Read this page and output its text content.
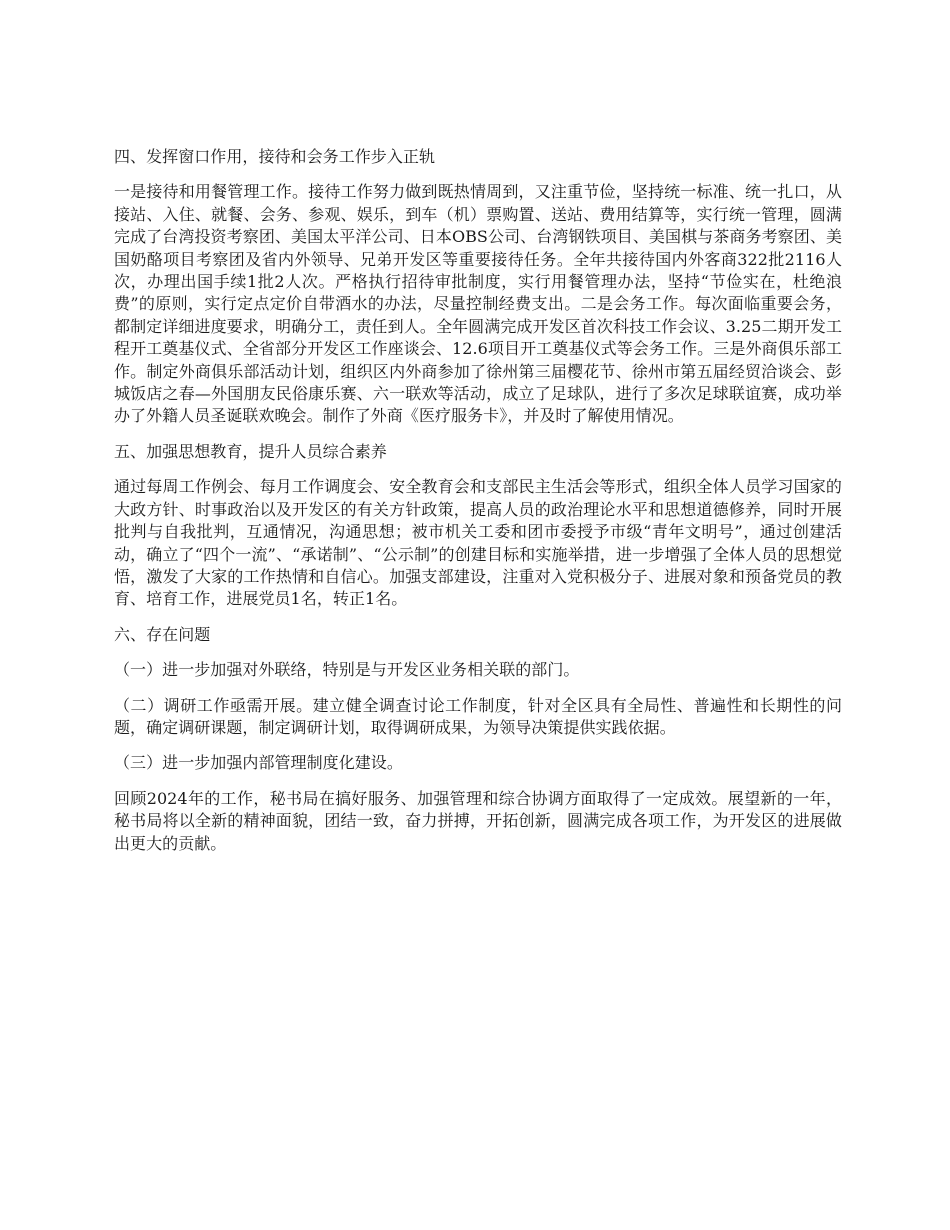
四、发挥窗口作用，接待和会务工作步入正轨
一是接待和用餐管理工作。接待工作努力做到既热情周到，又注重节俭，坚持统一标准、统一扎口，从接站、入住、就餐、会务、参观、娱乐，到车（机）票购置、送站、费用结算等，实行统一管理，圆满完成了台湾投资考察团、美国太平洋公司、日本OBS公司、台湾钢铁项目、美国棋与茶商务考察团、美国奶酪项目考察团及省内外领导、兄弟开发区等重要接待任务。全年共接待国内外客商322批2116人次，办理出国手续1批2人次。严格执行招待审批制度，实行用餐管理办法，坚持“节俭实在，杜绝浪费”的原则，实行定点定价自带酒水的办法，尽量控制经费支出。二是会务工作。每次面临重要会务，都制定详细进度要求，明确分工，责任到人。全年圆满完成开发区首次科技工作会议、3.25二期开发工程开工奠基仪式、全省部分开发区工作座谈会、12.6项目开工奠基仪式等会务工作。三是外商俱乐部工作。制定外商俱乐部活动计划，组织区内外商参加了徐州第三届樱花节、徐州市第五届经贸洽谈会、彭城饭店之春—外国朋友民俗康乐赛、六一联欢等活动，成立了足球队，进行了多次足球联谊赛，成功举办了外籍人员圣诞联欢晚会。制作了外商《医疗服务卡》，并及时了解使用情况。
五、加强思想教育，提升人员综合素养
通过每周工作例会、每月工作调度会、安全教育会和支部民主生活会等形式，组织全体人员学习国家的大政方针、时事政治以及开发区的有关方针政策，提高人员的政治理论水平和思想道德修养，同时开展批判与自我批判，互通情况，沟通思想；被市机关工委和团市委授予市级“青年文明号”，通过创建活动，确立了“四个一流”、“承诺制”、“公示制”的创建目标和实施举措，进一步增强了全体人员的思想觉悟，激发了大家的工作热情和自信心。加强支部建设，注重对入党积极分子、进展对象和预备党员的教育、培育工作，进展党员1名，转正1名。
六、存在问题
（一）进一步加强对外联络，特别是与开发区业务相关联的部门。
（二）调研工作亟需开展。建立健全调查讨论工作制度，针对全区具有全局性、普遍性和长期性的问题，确定调研课题，制定调研计划，取得调研成果，为领导决策提供实践依据。
（三）进一步加强内部管理制度化建设。
回顾2024年的工作，秘书局在搞好服务、加强管理和综合协调方面取得了一定成效。展望新的一年，秘书局将以全新的精神面貌，团结一致，奋力拼搏，开拓创新，圆满完成各项工作，为开发区的进展做出更大的贡献。
